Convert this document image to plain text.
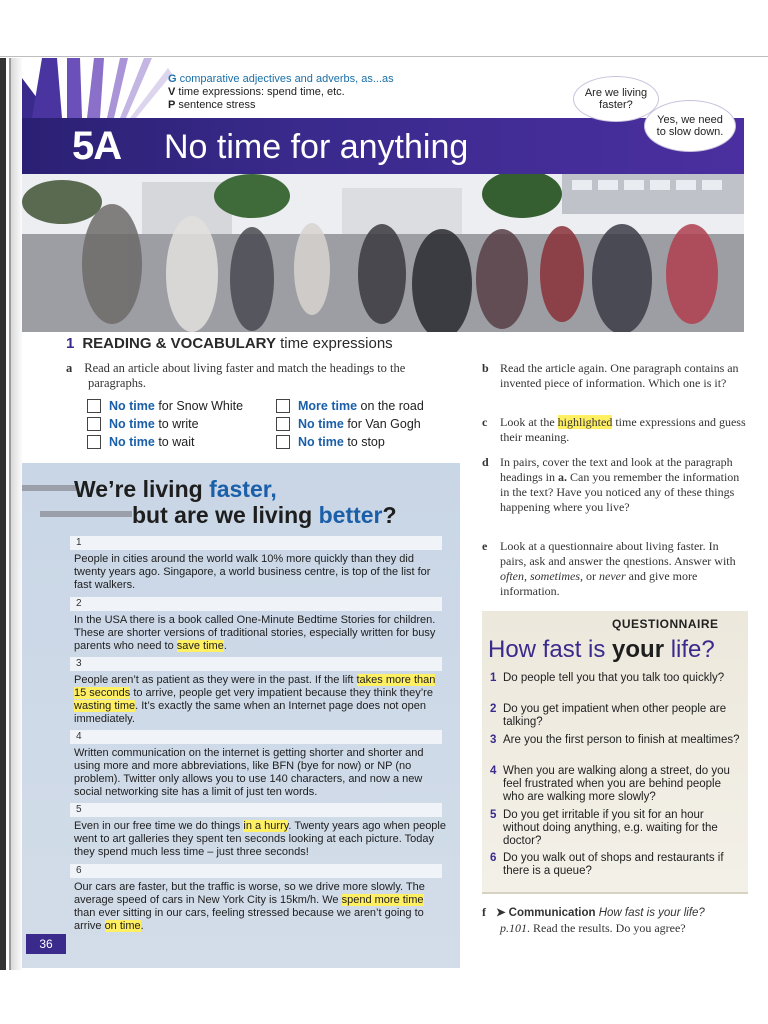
G comparative adjectives and adverbs, as...as
V time expressions: spend time, etc.
P sentence stress
5A No time for anything
Are we living faster?
Yes, we need to slow down.
1 READING & VOCABULARY time expressions
a Read an article about living faster and match the headings to the
paragraphs.
No time for Snow White
No time to write
No time to wait
More time on the road
No time for Van Gogh
No time to stop
We’re living faster,
but are we living better?
1
People in cities around the world walk 10% more quickly than they did twenty years ago. Singapore, a world business centre, is top of the list for fast walkers.
2
In the USA there is a book called One-Minute Bedtime Stories for children. These are shorter versions of traditional stories, especially written for busy parents who need to save time.
3
People aren’t as patient as they were in the past. If the lift takes more than 15 seconds to arrive, people get very impatient because they think they’re wasting time. It’s exactly the same when an Internet page does not open immediately.
4
Written communication on the internet is getting shorter and shorter and using more and more abbreviations, like BFN (bye for now) or NP (no problem). Twitter only allows you to use 140 characters, and now a new social networking site has a limit of just ten words.
5
Even in our free time we do things in a hurry. Twenty years ago when people went to art galleries they spent ten seconds looking at each picture. Today they spend much less time – just three seconds!
6
Our cars are faster, but the traffic is worse, so we drive more slowly. The average speed of cars in New York City is 15km/h. We spend more time than ever sitting in our cars, feeling stressed because we aren’t going to arrive on time.
36
b Read the article again. One paragraph contains an invented piece of information. Which one is it?
c	Look at the highlighted time expressions and guess their meaning.
d In pairs, cover the text and look at the paragraph headings in a. Can you remember the information in the text? Have you noticed any of these things happening where you live?
e	Look at a questionnaire about living faster. In pairs, ask and answer the qnestions. Answer with often, sometimes, or never and give more information.
QUESTIONNAIRE
How fast is your life?
1 Do people tell you that you talk too quickly?
2 Do you get impatient when other people are talking?
3 Are you the first person to finish at mealtimes?
4 When you are walking along a street, do you feel frustrated when you are behind people who are walking more slowly?
5 Do you get irritable if you sit for an hour without doing anything, e.g. waiting for the doctor?
6 Do you walk out of shops and restaurants if there is a queue?
f ➤ Communication How fast is your life?
p.101. Read the results. Do you agree?
